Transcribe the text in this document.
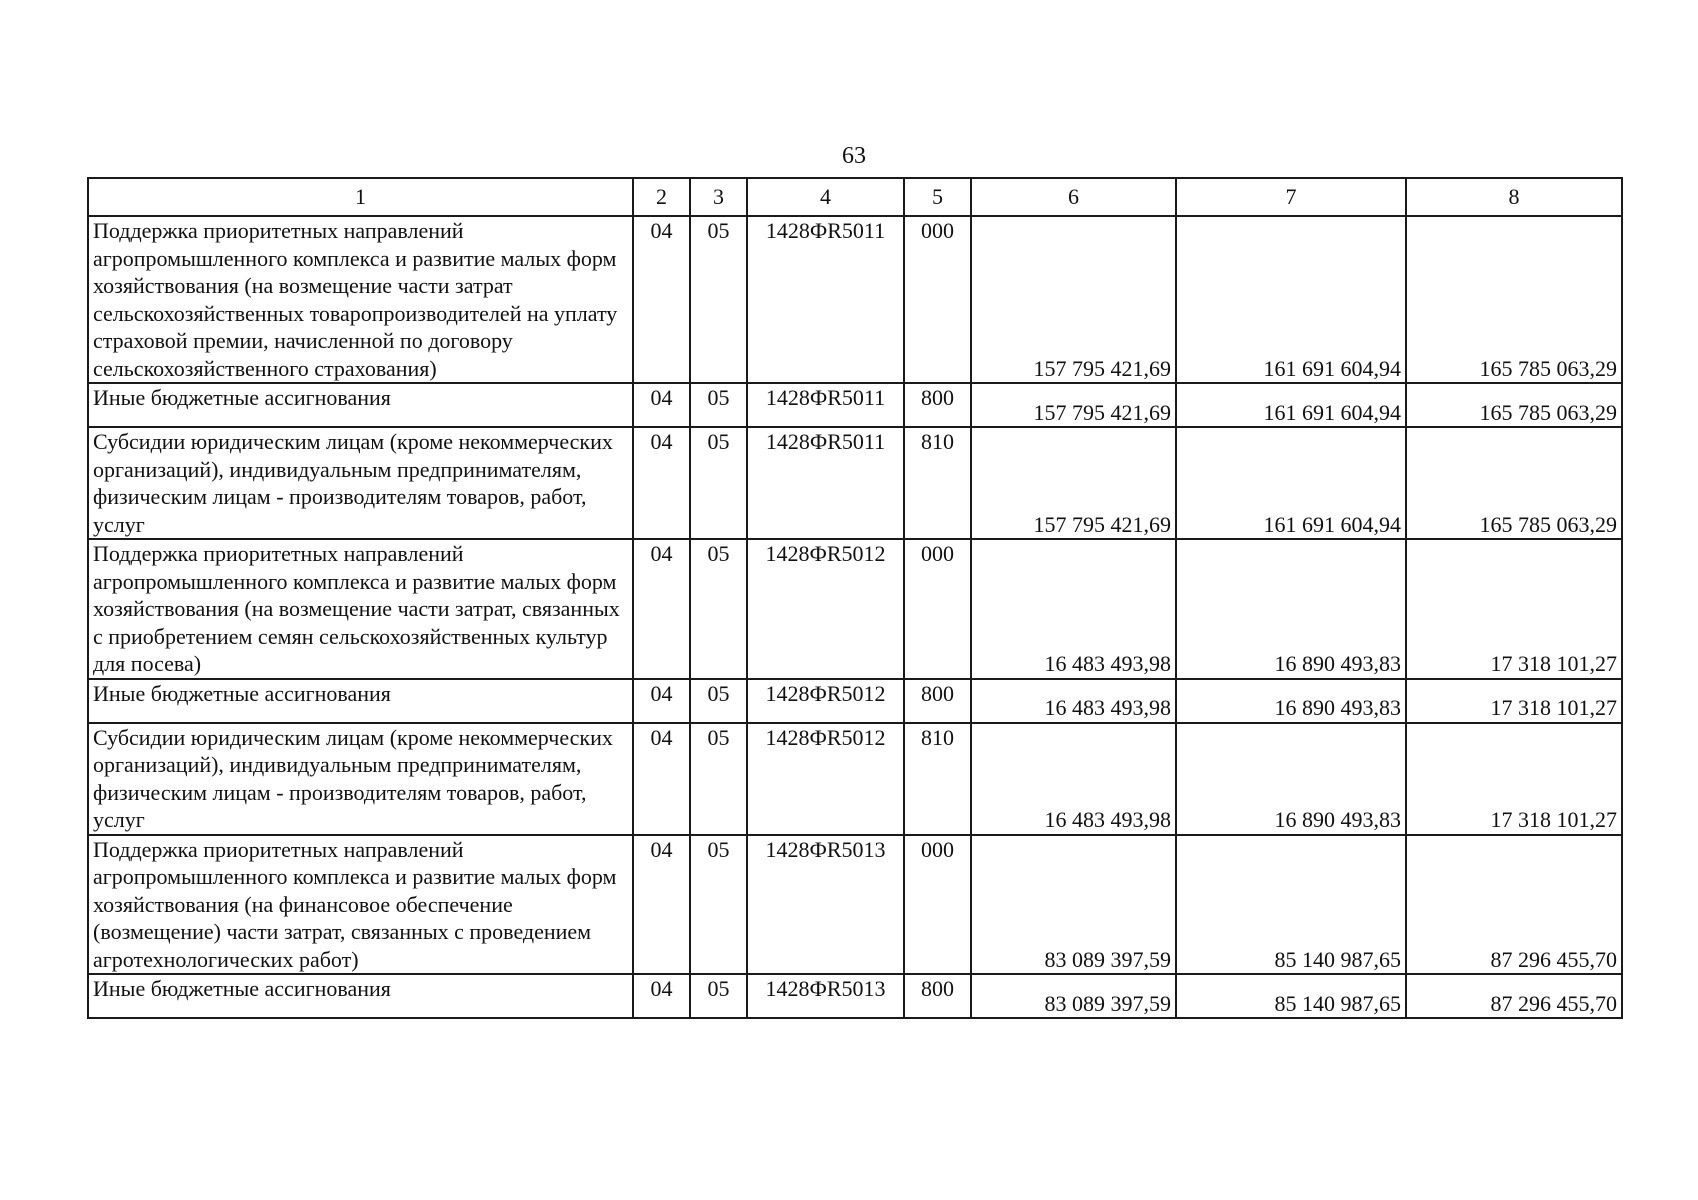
63
1	2	3	4	5	6	7	8
Поддержка приоритетных направлений агропромышленного комплекса и развитие малых форм хозяйствования (на возмещение части затрат сельскохозяйственных товаропроизводителей на уплату страховой премии, начисленной по договору сельскохозяйственного страхования)	04	05	1428ФR5011	000	157 795 421,69	161 691 604,94	165 785 063,29
Иные бюджетные ассигнования	04	05	1428ФR5011	800	157 795 421,69	161 691 604,94	165 785 063,29
Субсидии юридическим лицам (кроме некоммерческих организаций), индивидуальным предпринимателям, физическим лицам - производителям товаров, работ, услуг	04	05	1428ФR5011	810	157 795 421,69	161 691 604,94	165 785 063,29
Поддержка приоритетных направлений агропромышленного комплекса и развитие малых форм хозяйствования (на возмещение части затрат, связанных с приобретением семян сельскохозяйственных культур для посева)	04	05	1428ФR5012	000	16 483 493,98	16 890 493,83	17 318 101,27
Иные бюджетные ассигнования	04	05	1428ФR5012	800	16 483 493,98	16 890 493,83	17 318 101,27
Субсидии юридическим лицам (кроме некоммерческих организаций), индивидуальным предпринимателям, физическим лицам - производителям товаров, работ, услуг	04	05	1428ФR5012	810	16 483 493,98	16 890 493,83	17 318 101,27
Поддержка приоритетных направлений агропромышленного комплекса и развитие малых форм хозяйствования (на финансовое обеспечение (возмещение) части затрат, связанных с проведением агротехнологических работ)	04	05	1428ФR5013	000	83 089 397,59	85 140 987,65	87 296 455,70
Иные бюджетные ассигнования	04	05	1428ФR5013	800	83 089 397,59	85 140 987,65	87 296 455,70
